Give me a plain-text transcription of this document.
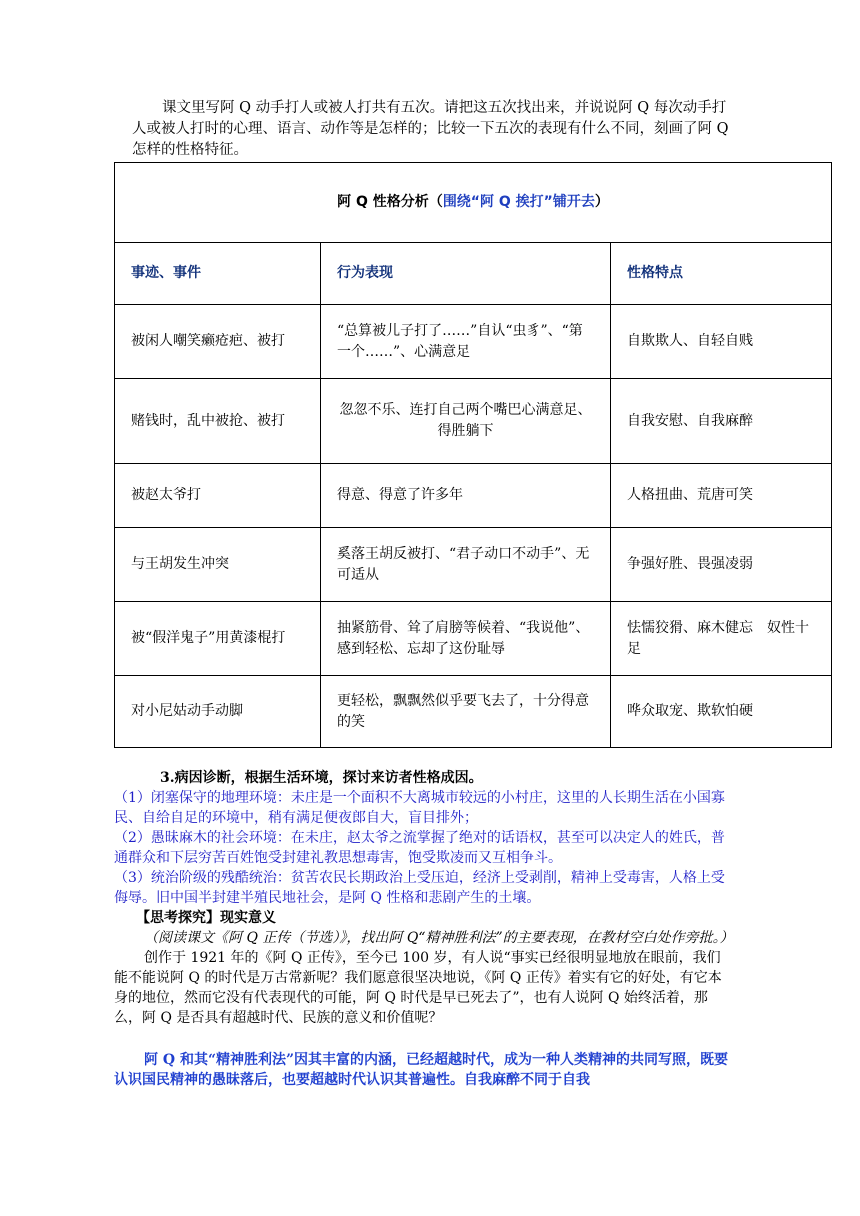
课文里写阿 Q 动手打人或被人打共有五次。请把这五次找出来，并说说阿 Q 每次动手打人或被人打时的心理、语言、动作等是怎样的；比较一下五次的表现有什么不同，刻画了阿 Q 怎样的性格特征。
阿 Q 性格分析（围绕“阿 Q 挨打”铺开去）		
事迹、事件	行为表现	性格特点
被闲人嘲笑癞疮疤、被打	“总算被儿子打了……”自认“虫豸”、“第一个……”、心满意足	自欺欺人、自轻自贱
赌钱时，乱中被抢、被打	忽忽不乐、连打自己两个嘴巴心满意足、得胜躺下	自我安慰、自我麻醉
被赵太爷打	得意、得意了许多年	人格扭曲、荒唐可笑
与王胡发生冲突	奚落王胡反被打、“君子动口不动手”、无可适从	争强好胜、畏强凌弱
被“假洋鬼子”用黄漆棍打	抽紧筋骨、耸了肩膀等候着、“我说他”、感到轻松、忘却了这份耻辱	怯懦狡猾、麻木健忘　奴性十足
对小尼姑动手动脚	更轻松，飘飘然似乎要飞去了，十分得意的笑	哗众取宠、欺软怕硬
3.病因诊断，根据生活环境，探讨来访者性格成因。
（1）闭塞保守的地理环境：未庄是一个面积不大离城市较远的小村庄，这里的人长期生活在小国寡民、自给自足的环境中，稍有满足便夜郎自大，盲目排外；
（2）愚昧麻木的社会环境：在未庄，赵太爷之流掌握了绝对的话语权，甚至可以决定人的姓氏，普通群众和下层穷苦百姓饱受封建礼教思想毒害，饱受欺凌而又互相争斗。
（3）统治阶级的残酷统治：贫苦农民长期政治上受压迫，经济上受剥削，精神上受毒害，人格上受侮辱。旧中国半封建半殖民地社会，是阿 Q 性格和悲剧产生的土壤。
【思考探究】现实意义
（阅读课文《阿 Q 正传（节选）》，找出阿 Q“精神胜利法”的主要表现，在教材空白处作旁批。）
创作于 1921 年的《阿 Q 正传》，至今已 100 岁，有人说“事实已经很明显地放在眼前，我们能不能说阿 Q 的时代是万古常新呢？我们愿意很坚决地说，《阿 Q 正传》着实有它的好处，有它本身的地位，然而它没有代表现代的可能，阿 Q 时代是早已死去了”，也有人说阿 Q 始终活着，那么，阿 Q 是否具有超越时代、民族的意义和价值呢？
阿 Q 和其“精神胜利法”因其丰富的内涵，已经超越时代，成为一种人类精神的共同写照，既要认识国民精神的愚昧落后，也要超越时代认识其普遍性。自我麻醉不同于自我
